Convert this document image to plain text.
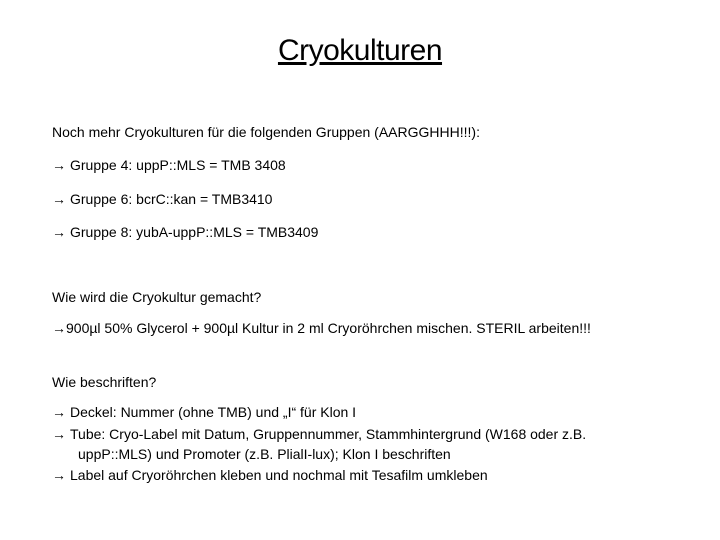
Cryokulturen
Noch mehr Cryokulturen für die folgenden Gruppen (AARGGHHH!!!):
→ Gruppe 4: uppP::MLS = TMB 3408
→ Gruppe 6: bcrC::kan = TMB3410
→ Gruppe 8: yubA-uppP::MLS = TMB3409
Wie wird die Cryokultur gemacht?
→900µl 50% Glycerol + 900µl Kultur in 2 ml Cryoröhrchen mischen. STERIL arbeiten!!!
Wie beschriften?
→ Deckel: Nummer (ohne TMB) und „I“ für Klon I
→ Tube: Cryo-Label mit Datum, Gruppennummer, Stammhintergrund (W168 oder z.B.
uppP::MLS) und Promoter (z.B. PlialI-lux); Klon I beschriften
→ Label auf Cryoröhrchen kleben und nochmal mit Tesafilm umkleben
